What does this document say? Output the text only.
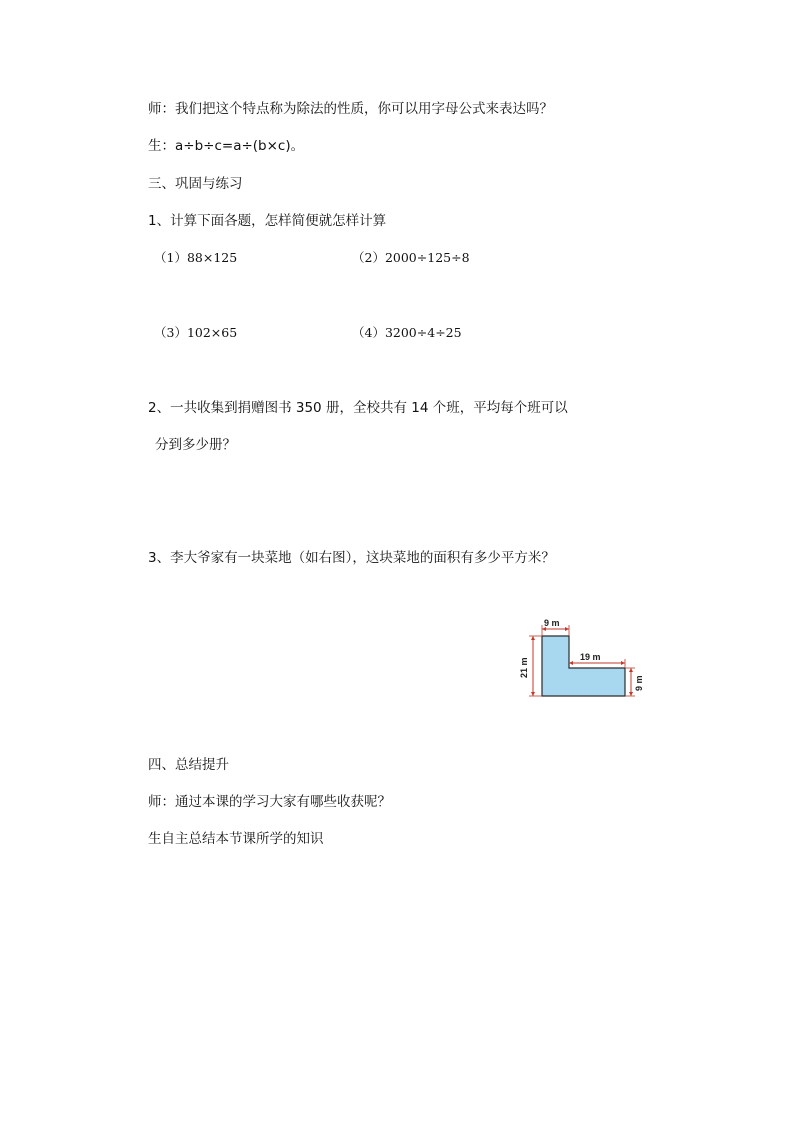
师：我们把这个特点称为除法的性质，你可以用字母公式来表达吗？
生：a÷b÷c=a÷(b×c)。
三、巩固与练习
1、计算下面各题，怎样简便就怎样计算
（1）88×125	（2）2000÷125÷8
（3）102×65	（4）3200÷4÷25
2、一共收集到捐赠图书 350 册，全校共有 14 个班，平均每个班可以
分到多少册？
3、李大爷家有一块菜地（如右图），这块菜地的面积有多少平方米？
9 m
21 m
19 m
9 m
四、总结提升
师：通过本课的学习大家有哪些收获呢？
生自主总结本节课所学的知识
